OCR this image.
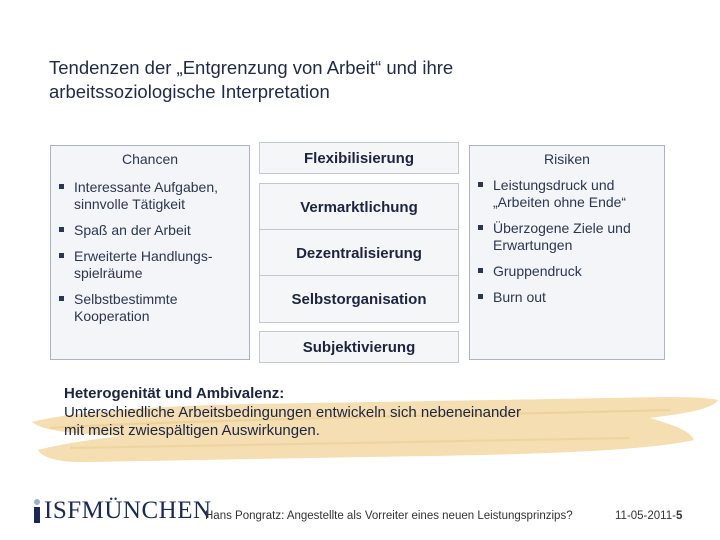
Tendenzen der „Entgrenzung von Arbeit“ und ihre
arbeitssoziologische Interpretation
Chancen
Interessante Aufgaben, sinnvolle Tätigkeit
Spaß an der Arbeit
Erweiterte Handlungs-spielräume
Selbstbestimmte Kooperation
Risiken
Leistungsdruck und „Arbeiten ohne Ende“
Überzogene Ziele und Erwartungen
Gruppendruck
Burn out
Flexibilisierung
Vermarktlichung
Dezentralisierung
Selbstorganisation
Subjektivierung
Heterogenität und Ambivalenz:
Unterschiedliche Arbeitsbedingungen entwickeln sich nebeneinander
mit meist zwiespältigen Auswirkungen.
ISFMÜNCHEN
Hans Pongratz: Angestellte als Vorreiter eines neuen Leistungsprinzips?	11-05-2011-5
